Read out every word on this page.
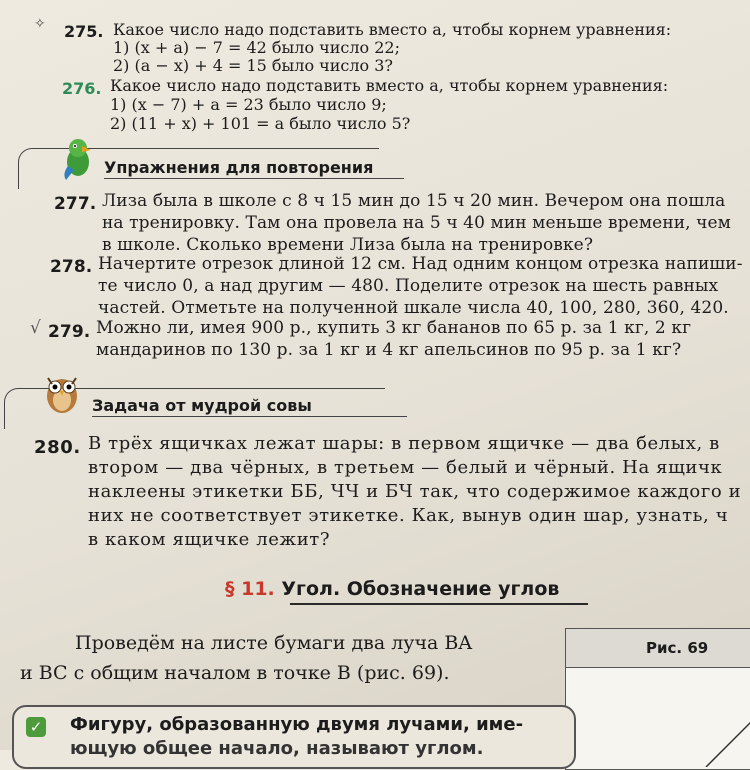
✧ 275. Какое число надо подставить вместо a, чтобы корнем уравнения:
1) (x + a) − 7 = 42 было число 22;
2) (a − x) + 4 = 15 было число 3?
276. Какое число надо подставить вместо a, чтобы корнем уравнения:
1) (x − 7) + a = 23 было число 9;
2) (11 + x) + 101 = a было число 5?
Упражнения для повторения
277. Лиза была в школе с 8 ч 15 мин до 15 ч 20 мин. Вечером она пошла
на тренировку. Там она провела на 5 ч 40 мин меньше времени, чем
в школе. Сколько времени Лиза была на тренировке?
278. Начертите отрезок длиной 12 см. Над одним концом отрезка напиши-
те число 0, а над другим — 480. Поделите отрезок на шесть равных
частей. Отметьте на полученной шкале числа 40, 100, 280, 360, 420.
√ 279. Можно ли, имея 900 р., купить 3 кг бананов по 65 р. за 1 кг, 2 кг
мандаринов по 130 р. за 1 кг и 4 кг апельсинов по 95 р. за 1 кг?
Задача от мудрой совы
280. В трёх ящичках лежат шары: в первом ящичке — два белых, в
втором — два чёрных, в третьем — белый и чёрный. На ящичк
наклеены этикетки ББ, ЧЧ и БЧ так, что содержимое каждого и
них не соответствует этикетке. Как, вынув один шар, узнать, ч
в каком ящичке лежит?
§ 11. Угол. Обозначение углов
Проведём на листе бумаги два луча BA
и BC с общим началом в точке B (рис. 69).
Рис. 69
✓ Фигуру, образованную двумя лучами, име-
ющую общее начало, называют углом.
